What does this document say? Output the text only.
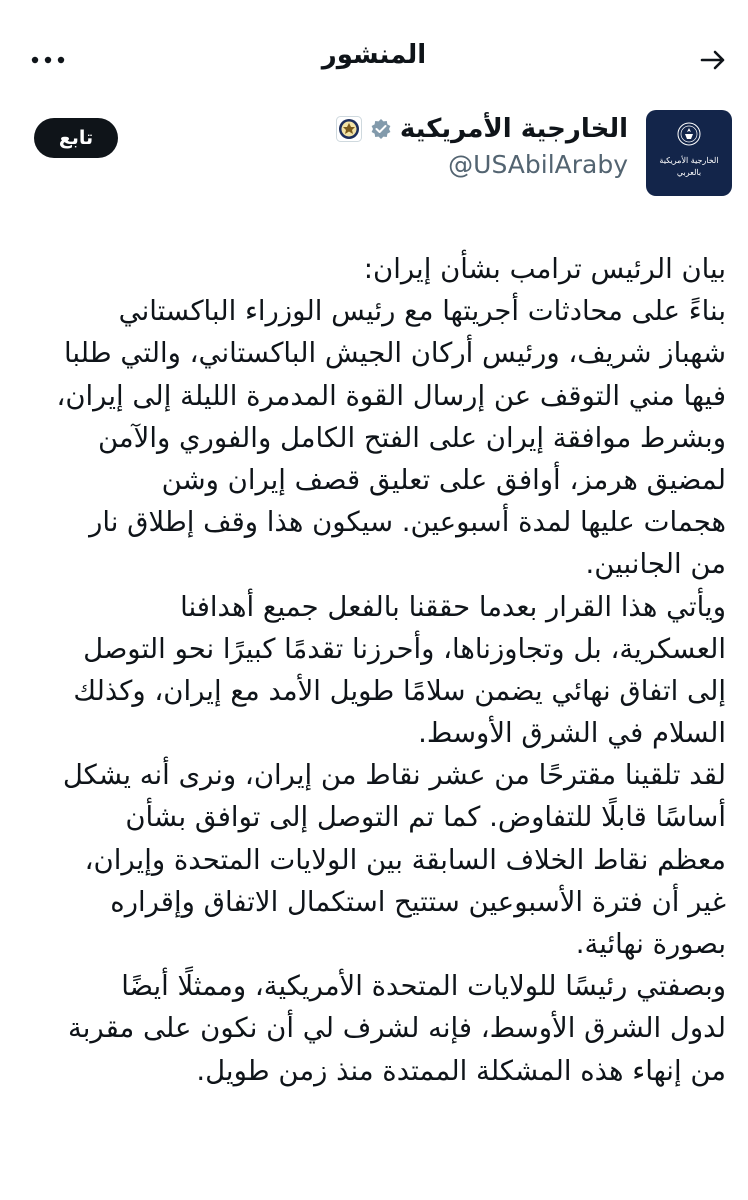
المنشور
الخارجية الأمريكية
بالعربي
الخارجية الأمريكية
@USAbilAraby
تابع
بيان الرئيس ترامب بشأن إيران:
بناءً على محادثات أجريتها مع رئيس الوزراء الباكستاني
شهباز شريف، ورئيس أركان الجيش الباكستاني، والتي طلبا
فيها مني التوقف عن إرسال القوة المدمرة الليلة إلى إيران،
وبشرط موافقة إيران على الفتح الكامل والفوري والآمن
لمضيق هرمز، أوافق على تعليق قصف إيران وشن
هجمات عليها لمدة أسبوعين. سيكون هذا وقف إطلاق نار
من الجانبين.
ويأتي هذا القرار بعدما حققنا بالفعل جميع أهدافنا
العسكرية، بل وتجاوزناها، وأحرزنا تقدمًا كبيرًا نحو التوصل
إلى اتفاق نهائي يضمن سلامًا طويل الأمد مع إيران، وكذلك
السلام في الشرق الأوسط.
لقد تلقينا مقترحًا من عشر نقاط من إيران، ونرى أنه يشكل
أساسًا قابلًا للتفاوض. كما تم التوصل إلى توافق بشأن
معظم نقاط الخلاف السابقة بين الولايات المتحدة وإيران،
غير أن فترة الأسبوعين ستتيح استكمال الاتفاق وإقراره
بصورة نهائية.
وبصفتي رئيسًا للولايات المتحدة الأمريكية، وممثلًا أيضًا
لدول الشرق الأوسط، فإنه لشرف لي أن نكون على مقربة
من إنهاء هذه المشكلة الممتدة منذ زمن طويل.
